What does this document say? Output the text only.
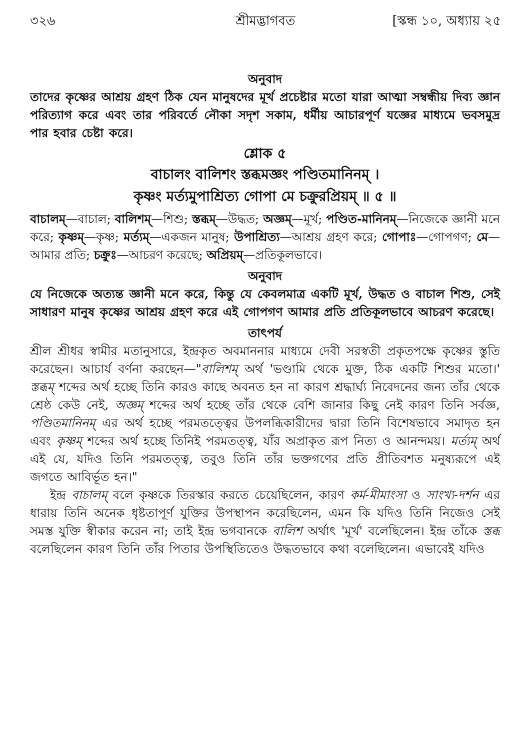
৩২৬	শ্রীমদ্ভাগবত	[স্কন্ধ ১০, অধ্যায় ২৫

অনুবাদ

তাদের কৃষ্ণের আশ্রয় গ্রহণ ঠিক যেন মানুষদের মূর্খ প্রচেষ্টার মতো যারা আত্মা সম্বন্ধীয় দিব্য জ্ঞান পরিত্যাগ করে এবং তার পরিবর্তে নৌকা সদৃশ সকাম, ধর্মীয় আচারপূর্ণ যজ্ঞের মাধ্যমে ভবসমুদ্র পার হবার চেষ্টা করে।

শ্লোক ৫

বাচালং বালিশং স্তব্ধমজ্ঞং পণ্ডিতমানিনম্ ।

কৃষ্ণং মর্ত্যমুপাশ্রিত্য গোপা মে চক্রুরপ্রিয়ম্ ॥ ৫ ॥

বাচালম্—বাচাল; বালিশম্—শিশু; স্তব্ধম্—উদ্ধত; অজ্ঞম্—মূর্খ; পণ্ডিত-মানিনম্—নিজেকে জ্ঞানী মনে করে; কৃষ্ণম্—কৃষ্ণ; মর্ত্যম্—একজন মানুষ; উপাশ্রিত্য—আশ্রয় গ্রহণ করে; গোপাঃ—গোপগণ; মে—আমার প্রতি; চক্রুঃ—আচরণ করেছে; অপ্রিয়ম্—প্রতিকূলভাবে।

অনুবাদ

যে নিজেকে অত্যন্ত জ্ঞানী মনে করে, কিন্তু যে কেবলমাত্র একটি মূর্খ, উদ্ধত ও বাচাল শিশু, সেই সাধারণ মানুষ কৃষ্ণের আশ্রয় গ্রহণ করে এই গোপগণ আমার প্রতি প্রতিকূলভাবে আচরণ করেছে।

তাৎপর্য

শ্রীল শ্রীধর স্বামীর মতানুসারে, ইন্দ্রকৃত অবমাননার মাধ্যমে দেবী সরস্বতী প্রকৃতপক্ষে কৃষ্ণের স্তুতি করেছেন। আচার্য বর্ণনা করছেন—"বালিশম্ অর্থ 'ভণ্ডামি থেকে মুক্ত, ঠিক একটি শিশুর মতো।' স্তব্ধম্ শব্দের অর্থ হচ্ছে তিনি কারও কাছে অবনত হন না কারণ শ্রদ্ধার্ঘ্য নিবেদনের জন্য তাঁর থেকে শ্রেষ্ঠ কেউ নেই, অজ্ঞম্ শব্দের অর্থ হচ্ছে তাঁর থেকে বেশি জানার কিছু নেই কারণ তিনি সর্বজ্ঞ, পণ্ডিতমানিনম্ এর অর্থ হচ্ছে পরমতত্ত্বের উপলব্ধিকারীদের দ্বারা তিনি বিশেষভাবে সমাদৃত হন এবং কৃষ্ণম্ শব্দের অর্থ হচ্ছে তিনিই পরমতত্ত্ব, যাঁর অপ্রাকৃত রূপ নিত্য ও আনন্দময়। মর্ত্যম্ অর্থ এই যে, যদিও তিনি পরমতত্ত্ব, তবুও তিনি তাঁর ভক্তগণের প্রতি প্রীতিবশত মনুষ্যরূপে এই জগতে আবির্ভূত হন।"

ইন্দ্র বাচালম্ বলে কৃষ্ণকে তিরস্কার করতে চেয়েছিলেন, কারণ কর্ম-মীমাংসা ও সাংখ্য-দর্শন এর ধারায় তিনি অনেক ধৃষ্টতাপূর্ণ যুক্তির উপস্থাপন করেছিলেন, এমন কি যদিও তিনি নিজেও সেই সমস্ত যুক্তি স্বীকার করেন না; তাই ইন্দ্র ভগবানকে বালিশ অর্থাৎ 'মূর্খ' বলেছিলেন। ইন্দ্র তাঁকে স্তব্ধ বলেছিলেন কারণ তিনি তাঁর পিতার উপস্থিতিতেও উদ্ধতভাবে কথা বলেছিলেন। এভাবেই যদিও
